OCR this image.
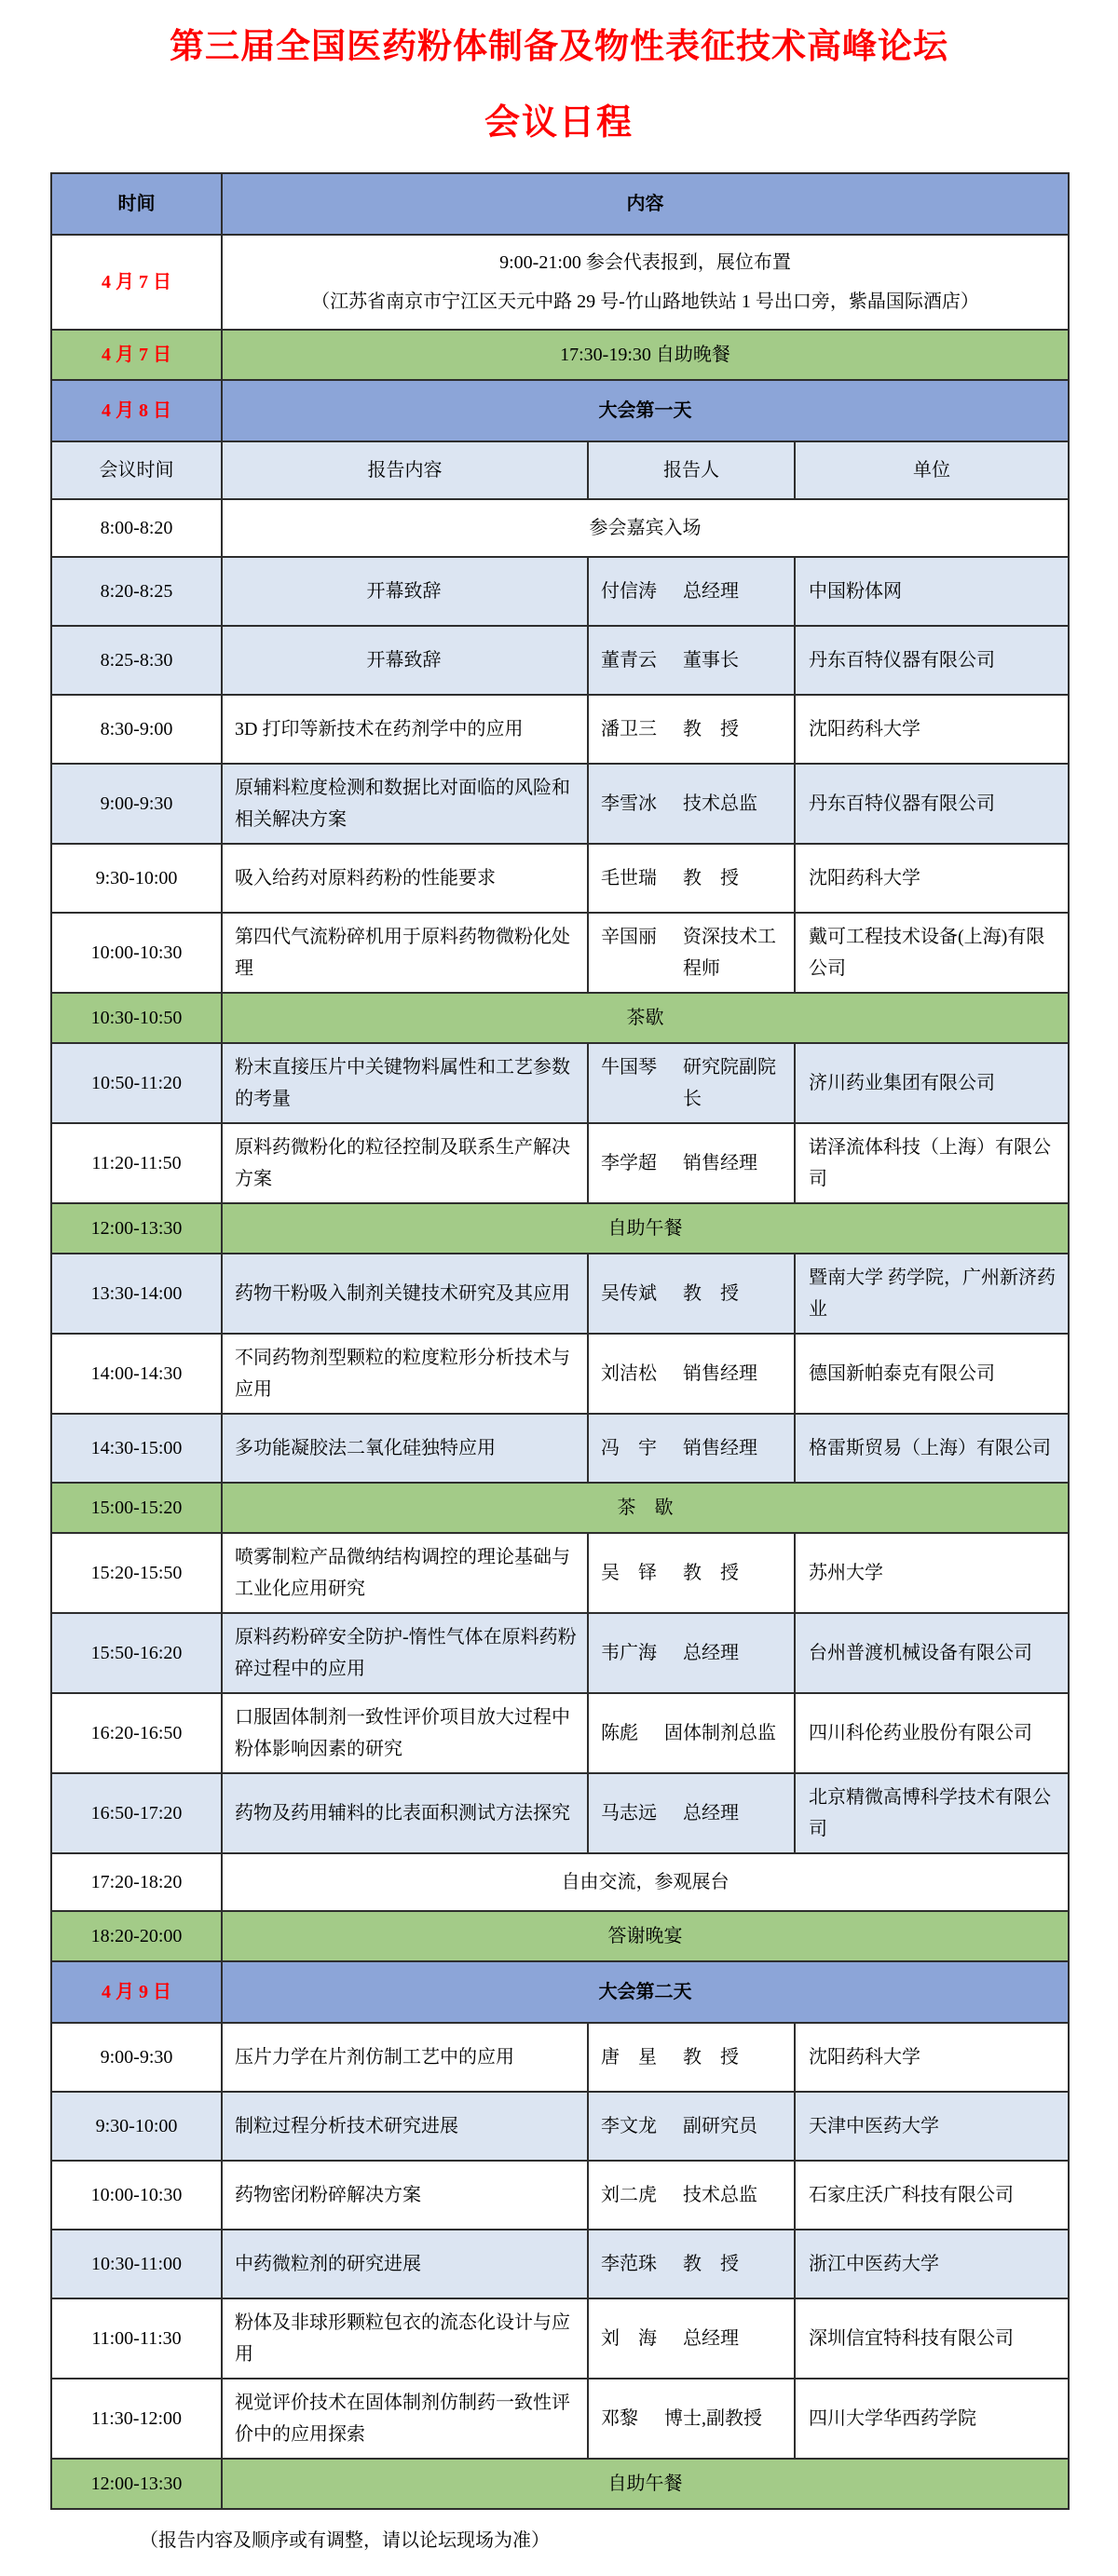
第三届全国医药粉体制备及物性表征技术高峰论坛
会议日程
时间	内容		
4 月 7 日	9:00-21:00 参会代表报到，展位布置
（江苏省南京市宁江区天元中路 29 号-竹山路地铁站 1 号出口旁，紫晶国际酒店）		

4 月 7 日	17:30-19:30 自助晚餐		
4 月 8 日	大会第一天		
会议时间	报告内容	报告人	单位
8:00-8:20	参会嘉宾入场		
8:20-8:25	开幕致辞	付信涛 总经理	中国粉体网
8:25-8:30	开幕致辞	董青云 董事长	丹东百特仪器有限公司
8:30-9:00	3D 打印等新技术在药剂学中的应用	潘卫三 教　授	沈阳药科大学
9:00-9:30	原辅料粒度检测和数据比对面临的风险和相关解决方案	李雪冰 技术总监	丹东百特仪器有限公司
9:30-10:00	吸入给药对原料药粉的性能要求	毛世瑞 教　授	沈阳药科大学
10:00-10:30	第四代气流粉碎机用于原料药物微粉化处理	辛国丽 资深技术工程师	戴可工程技术设备(上海)有限公司
10:30-10:50	茶歇		
10:50-11:20	粉末直接压片中关键物料属性和工艺参数的考量	牛国琴 研究院副院长	济川药业集团有限公司
11:20-11:50	原料药微粉化的粒径控制及联系生产解决方案	李学超 销售经理	诺泽流体科技（上海）有限公司
12:00-13:30	自助午餐		
13:30-14:00	药物干粉吸入制剂关键技术研究及其应用	吴传斌 教　授	暨南大学 药学院，广州新济药业
14:00-14:30	不同药物剂型颗粒的粒度粒形分析技术与应用	刘洁松 销售经理	德国新帕泰克有限公司
14:30-15:00	多功能凝胶法二氧化硅独特应用	冯　宇 销售经理	格雷斯贸易（上海）有限公司
15:00-15:20	茶　歇		
15:20-15:50	喷雾制粒产品微纳结构调控的理论基础与工业化应用研究	吴　铎 教　授	苏州大学
15:50-16:20	原料药粉碎安全防护-惰性气体在原料药粉碎过程中的应用	韦广海 总经理	台州普渡机械设备有限公司
16:20-16:50	口服固体制剂一致性评价项目放大过程中粉体影响因素的研究	陈彪 固体制剂总监	四川科伦药业股份有限公司
16:50-17:20	药物及药用辅料的比表面积测试方法探究	马志远 总经理	北京精微高博科学技术有限公司
17:20-18:20	自由交流，参观展台		
18:20-20:00	答谢晚宴		
4 月 9 日	大会第二天		
9:00-9:30	压片力学在片剂仿制工艺中的应用	唐　星 教　授	沈阳药科大学
9:30-10:00	制粒过程分析技术研究进展	李文龙 副研究员	天津中医药大学
10:00-10:30	药物密闭粉碎解决方案	刘二虎 技术总监	石家庄沃广科技有限公司
10:30-11:00	中药微粒剂的研究进展	李范珠 教　授	浙江中医药大学
11:00-11:30	粉体及非球形颗粒包衣的流态化设计与应用	刘　海 总经理	深圳信宜特科技有限公司
11:30-12:00	视觉评价技术在固体制剂仿制药一致性评价中的应用探索	邓黎 博士,副教授	四川大学华西药学院
12:00-13:30	自助午餐		
（报告内容及顺序或有调整，请以论坛现场为准）
